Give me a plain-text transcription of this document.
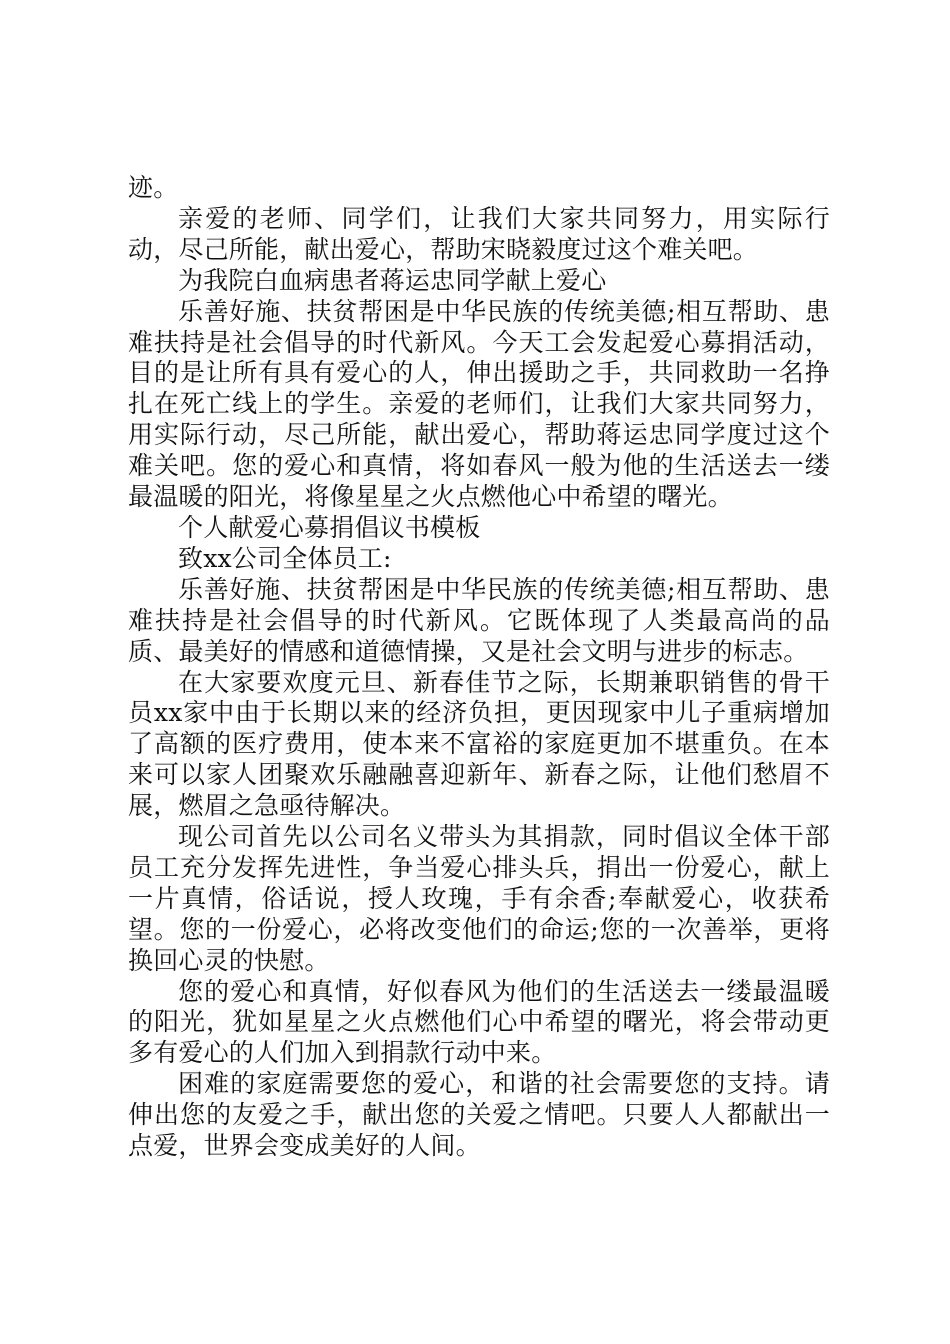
迹。

亲爱的老师、同学们，让我们大家共同努力，用实际行动，尽己所能，献出爱心，帮助宋晓毅度过这个难关吧。

为我院白血病患者蒋运忠同学献上爱心

乐善好施、扶贫帮困是中华民族的传统美德;相互帮助、患难扶持是社会倡导的时代新风。今天工会发起爱心募捐活动，目的是让所有具有爱心的人，伸出援助之手，共同救助一名挣扎在死亡线上的学生。亲爱的老师们，让我们大家共同努力，用实际行动，尽己所能，献出爱心，帮助蒋运忠同学度过这个难关吧。您的爱心和真情，将如春风一般为他的生活送去一缕最温暖的阳光，将像星星之火点燃他心中希望的曙光。

个人献爱心募捐倡议书模板

致xx公司全体员工:

乐善好施、扶贫帮困是中华民族的传统美德;相互帮助、患难扶持是社会倡导的时代新风。它既体现了人类最高尚的品质、最美好的情感和道德情操，又是社会文明与进步的标志。

在大家要欢度元旦、新春佳节之际，长期兼职销售的骨干员xx家中由于长期以来的经济负担，更因现家中儿子重病增加了高额的医疗费用，使本来不富裕的家庭更加不堪重负。在本来可以家人团聚欢乐融融喜迎新年、新春之际，让他们愁眉不展，燃眉之急亟待解决。

现公司首先以公司名义带头为其捐款，同时倡议全体干部员工充分发挥先进性，争当爱心排头兵，捐出一份爱心，献上一片真情，俗话说，授人玫瑰，手有余香;奉献爱心，收获希望。您的一份爱心，必将改变他们的命运;您的一次善举，更将换回心灵的快慰。

您的爱心和真情，好似春风为他们的生活送去一缕最温暖的阳光，犹如星星之火点燃他们心中希望的曙光，将会带动更多有爱心的人们加入到捐款行动中来。

困难的家庭需要您的爱心，和谐的社会需要您的支持。请伸出您的友爱之手，献出您的关爱之情吧。只要人人都献出一点爱，世界会变成美好的人间。
